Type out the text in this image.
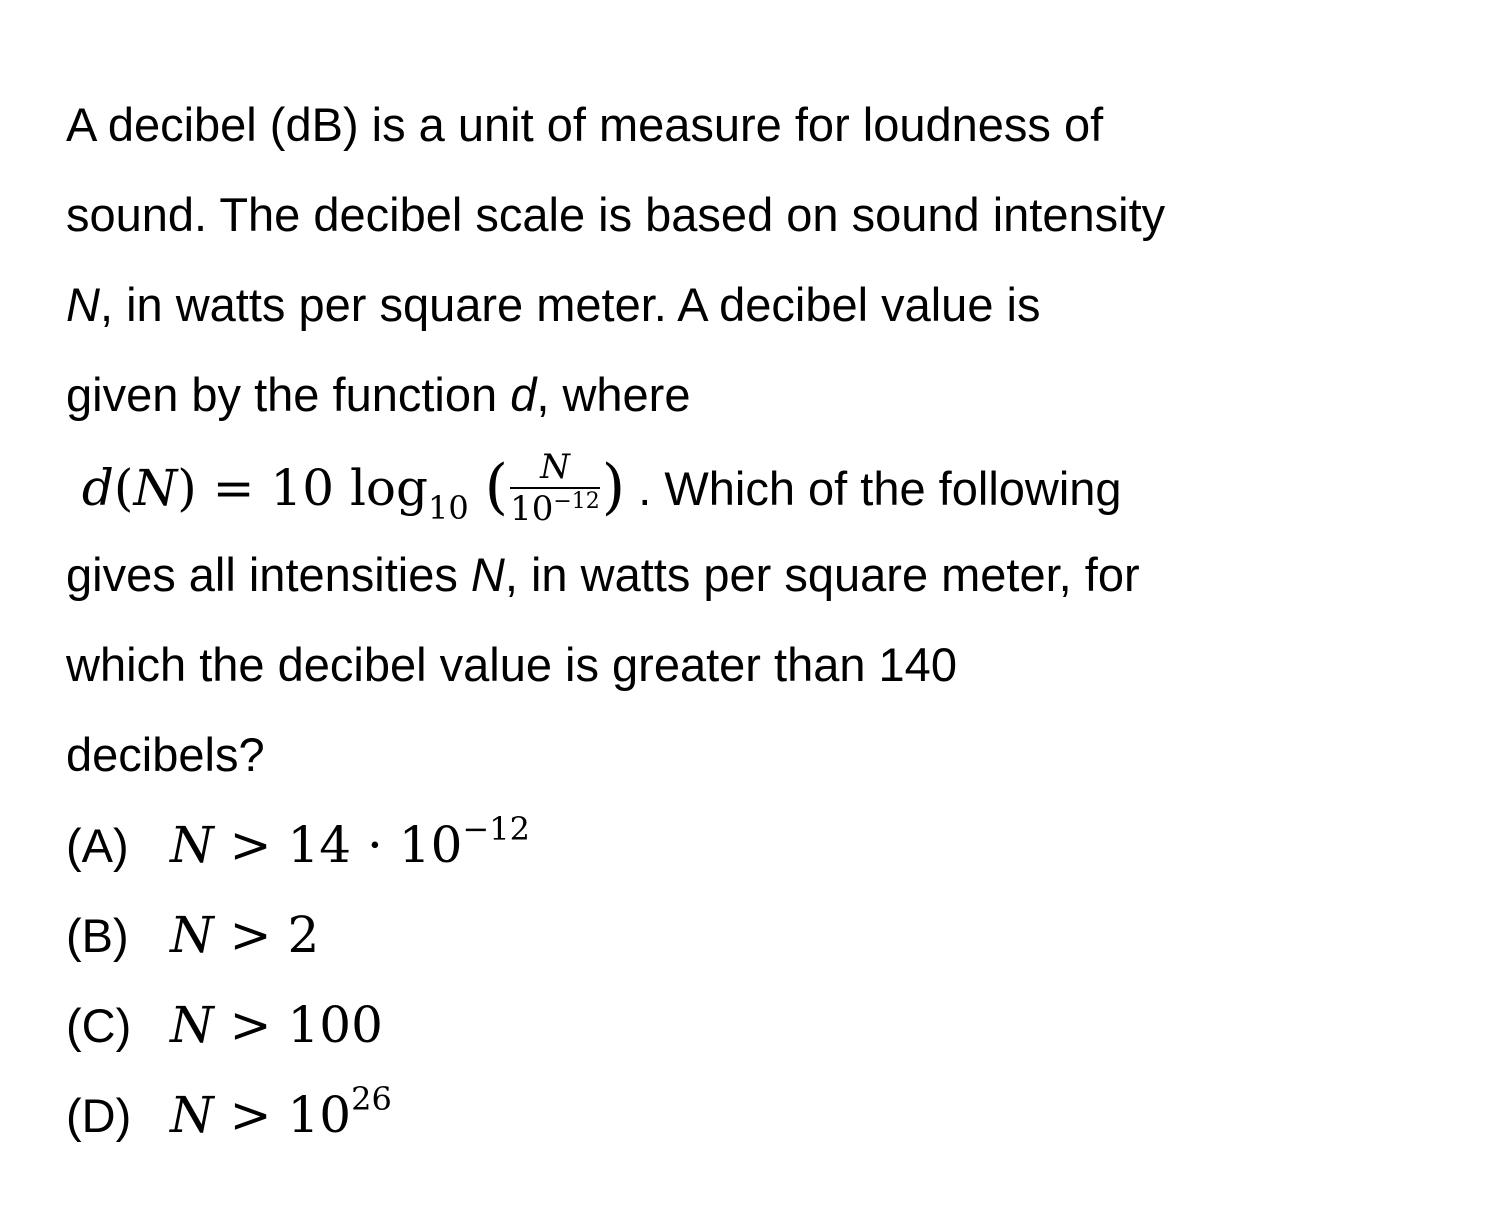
A decibel (dB) is a unit of measure for loudness of
sound. The decibel scale is based on sound intensity
N, in watts per square meter. A decibel value is
given by the function d, where
d(N) = 10 $\log_{10}$ ( $\frac{N}{10^{-12}}$ ) . Which of the following
gives all intensities N, in watts per square meter, for
which the decibel value is greater than 140
decibels?
(A) $N > 14 \cdot 10^{-12}$
(B) N > 2
(C) N > 100
(D) $N > 10^{26}$
